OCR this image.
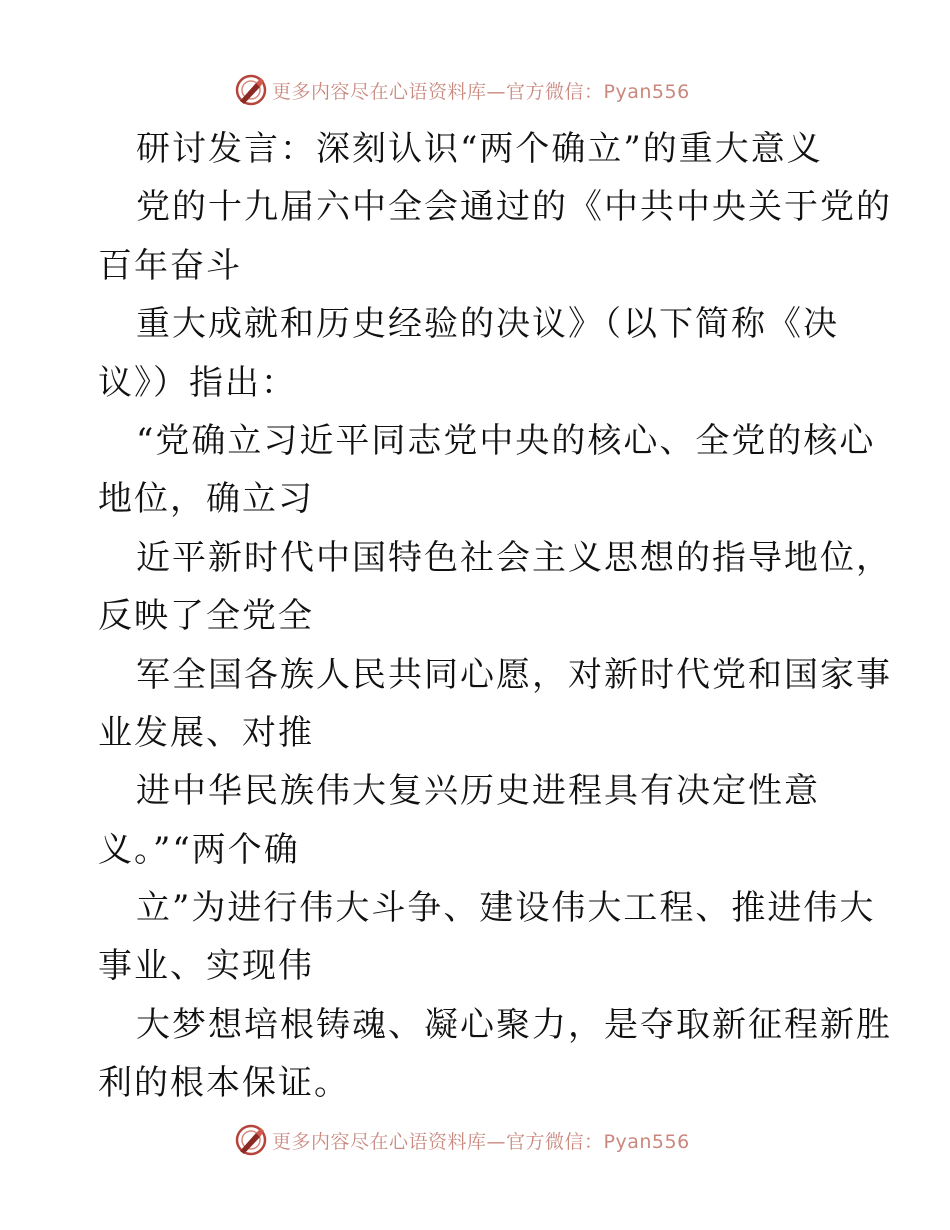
更多内容尽在心语资料库—官方微信：Pyan556
研讨发言：深刻认识“两个确立”的重大意义
党的十九届六中全会通过的《中共中央关于党的
百年奋斗
重大成就和历史经验的决议》（以下简称《决
议》）指出：
“党确立习近平同志党中央的核心、全党的核心
地位，确立习
近平新时代中国特色社会主义思想的指导地位，
反映了全党全
军全国各族人民共同心愿，对新时代党和国家事
业发展、对推
进中华民族伟大复兴历史进程具有决定性意
义。”“两个确
立”为进行伟大斗争、建设伟大工程、推进伟大
事业、实现伟
大梦想培根铸魂、凝心聚力，是夺取新征程新胜
利的根本保证。
更多内容尽在心语资料库—官方微信：Pyan556
